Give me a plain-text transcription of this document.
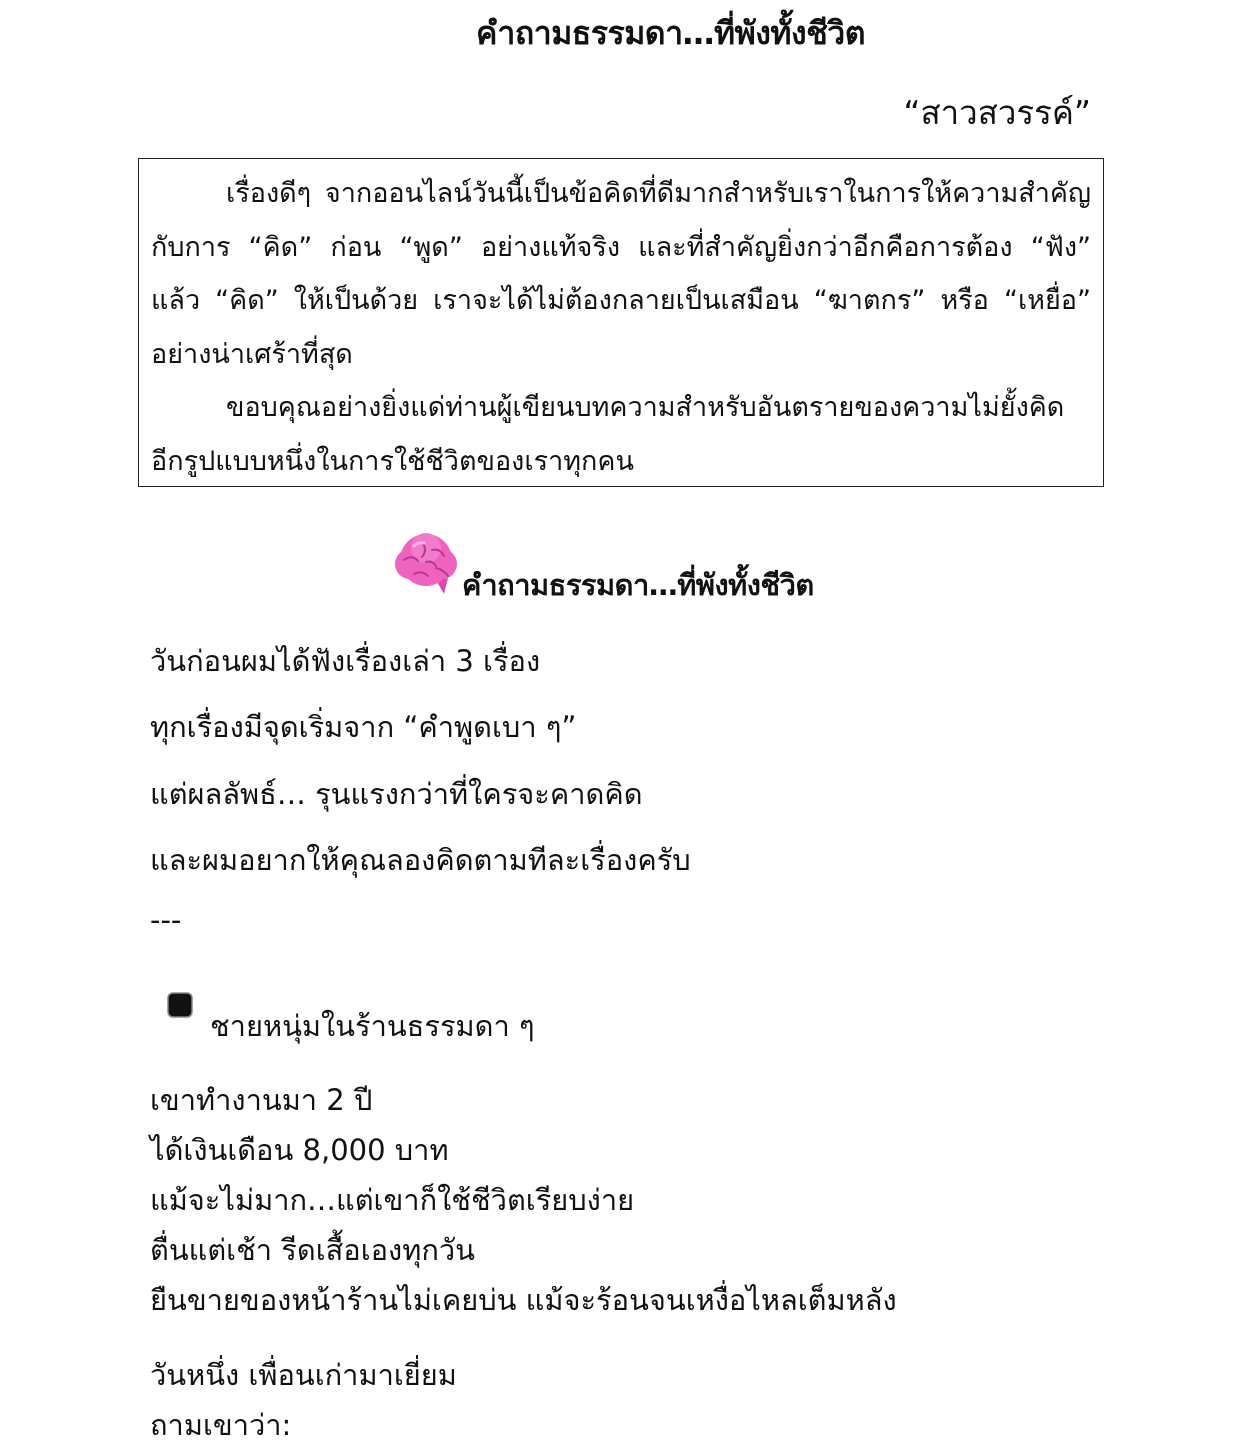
คำถามธรรมดา…ที่พังทั้งชีวิต
“สาวสวรรค์”

เรื่องดีๆ จากออนไลน์วันนี้เป็นข้อคิดที่ดีมากสำหรับเราในการให้ความสำคัญกับการ “คิด” ก่อน “พูด” อย่างแท้จริง และที่สำคัญยิ่งกว่าอีกคือการต้อง “ฟัง” แล้ว “คิด” ให้เป็นด้วย เราจะได้ไม่ต้องกลายเป็นเสมือน “ฆาตกร” หรือ “เหยื่อ” อย่างน่าเศร้าที่สุด

ขอบคุณอย่างยิ่งแด่ท่านผู้เขียนบทความสำหรับอันตรายของความไม่ยั้งคิดอีกรูปแบบหนึ่งในการใช้ชีวิตของเราทุกคน

คำถามธรรมดา…ที่พังทั้งชีวิต
วันก่อนผมได้ฟังเรื่องเล่า 3 เรื่อง
ทุกเรื่องมีจุดเริ่มจาก “คำพูดเบา ๆ”
แต่ผลลัพธ์… รุนแรงกว่าที่ใครจะคาดคิด
และผมอยากให้คุณลองคิดตามทีละเรื่องครับ
---
ชายหนุ่มในร้านธรรมดา ๆ
เขาทำงานมา 2 ปี
ได้เงินเดือน 8,000 บาท
แม้จะไม่มาก…แต่เขาก็ใช้ชีวิตเรียบง่าย
ตื่นแต่เช้า รีดเสื้อเองทุกวัน
ยืนขายของหน้าร้านไม่เคยบ่น แม้จะร้อนจนเหงื่อไหลเต็มหลัง
วันหนึ่ง เพื่อนเก่ามาเยี่ยม
ถามเขาว่า:
